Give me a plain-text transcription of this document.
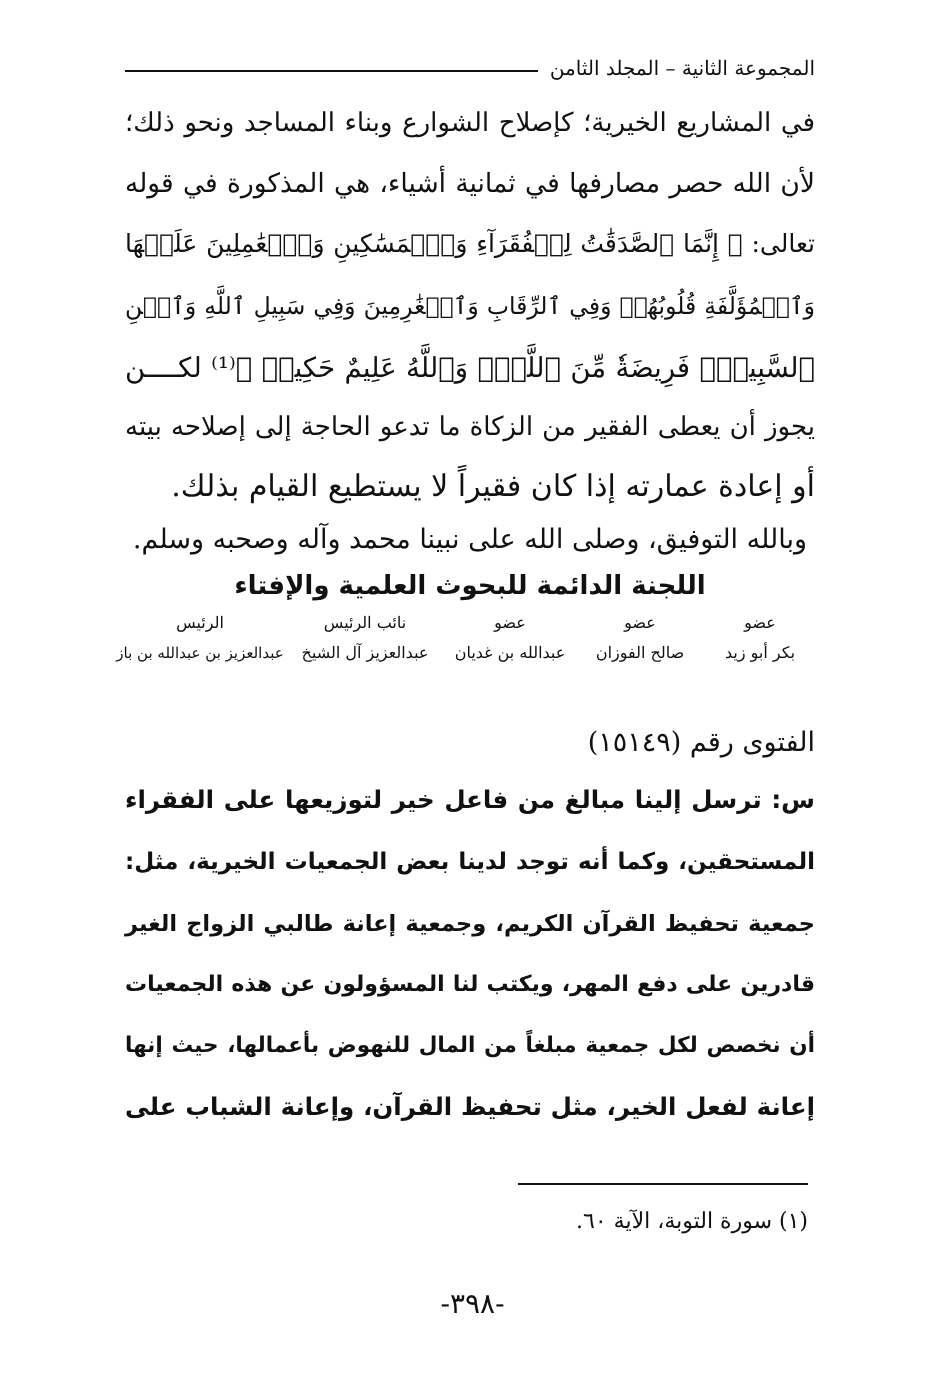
المجموعة الثانية – المجلد الثامن
في المشاريع الخيرية؛ كإصلاح الشوارع وبناء المساجد ونحو ذلك؛
لأن الله حصر مصارفها في ثمانية أشياء، هي المذكورة في قوله
تعالى: ﴿ إِنَّمَا ٱلصَّدَقَٰتُ لِلۡفُقَرَآءِ وَٱلۡمَسَٰكِينِ وَٱلۡعَٰمِلِينَ عَلَيۡهَا
وَٱلۡمُؤَلَّفَةِ قُلُوبُهُمۡ وَفِي ٱلرِّقَابِ وَٱلۡغَٰرِمِينَ وَفِي سَبِيلِ ٱللَّهِ وَٱبۡنِ
ٱلسَّبِيلِۖ فَرِيضَةٗ مِّنَ ٱللَّهِۗ وَٱللَّهُ عَلِيمٌ حَكِيمٞ ﴾⁽¹⁾ لكــــن
يجوز أن يعطى الفقير من الزكاة ما تدعو الحاجة إلى إصلاحه بيته
أو إعادة عمارته إذا كان فقيراً لا يستطيع القيام بذلك.
وبالله التوفيق، وصلى الله على نبينا محمد وآله وصحبه وسلم.
اللجنة الدائمة للبحوث العلمية والإفتاء
عضو
بكر أبو زيد
عضو
صالح الفوزان
عضو
عبدالله بن غديان
نائب الرئيس
عبدالعزيز آل الشيخ
الرئيس
عبدالعزيز بن عبدالله بن باز
الفتوى رقم (١٥١٤٩)
س: ترسل إلينا مبالغ من فاعل خير لتوزيعها على الفقراء
المستحقين، وكما أنه توجد لدينا بعض الجمعيات الخيرية، مثل:
جمعية تحفيظ القرآن الكريم، وجمعية إعانة طالبي الزواج الغير
قادرين على دفع المهر، ويكتب لنا المسؤولون عن هذه الجمعيات
أن نخصص لكل جمعية مبلغاً من المال للنهوض بأعمالها، حيث إنها
إعانة لفعل الخير، مثل تحفيظ القرآن، وإعانة الشباب على
(١) سورة التوبة، الآية ٦٠.
-٣٩٨-
